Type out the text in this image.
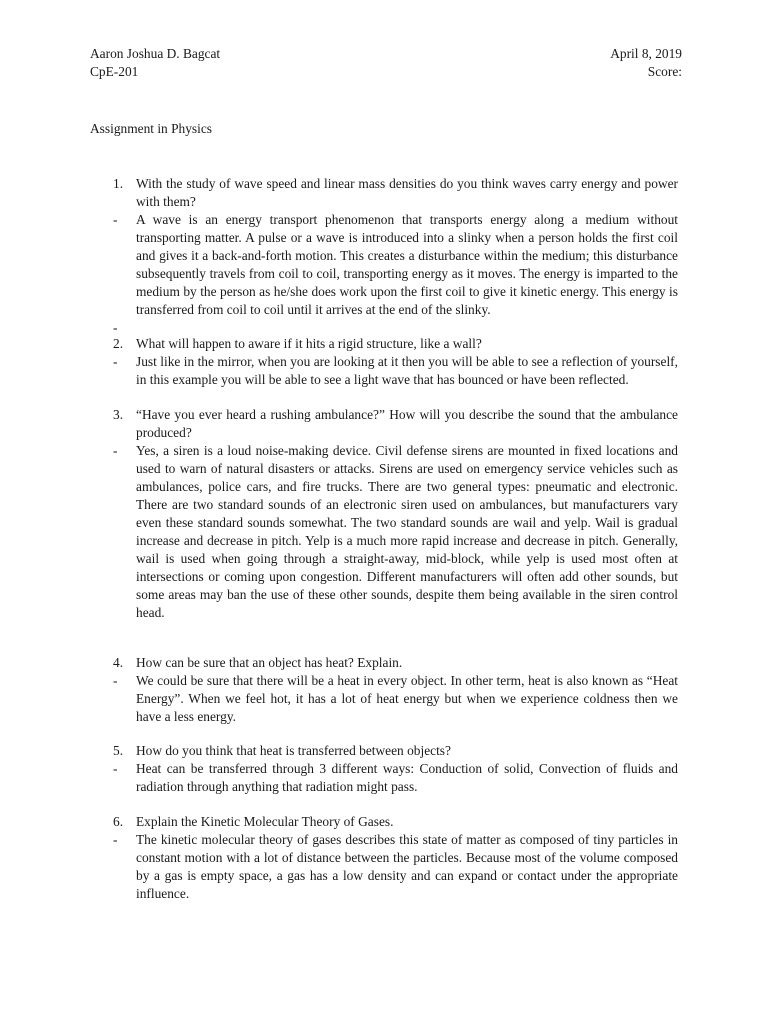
Aaron Joshua D. Bagcat
CpE-201
April 8, 2019
Score:
Assignment in Physics
1. With the study of wave speed and linear mass densities do you think waves carry energy and power with them?
- A wave is an energy transport phenomenon that transports energy along a medium without transporting matter. A pulse or a wave is introduced into a slinky when a person holds the first coil and gives it a back-and-forth motion. This creates a disturbance within the medium; this disturbance subsequently travels from coil to coil, transporting energy as it moves. The energy is imparted to the medium by the person as he/she does work upon the first coil to give it kinetic energy. This energy is transferred from coil to coil until it arrives at the end of the slinky.
-

2. What will happen to aware if it hits a rigid structure, like a wall?
- Just like in the mirror, when you are looking at it then you will be able to see a reflection of yourself, in this example you will be able to see a light wave that has bounced or have been reflected.
3. “Have you ever heard a rushing ambulance?” How will you describe the sound that the ambulance produced?
- Yes, a siren is a loud noise-making device. Civil defense sirens are mounted in fixed locations and used to warn of natural disasters or attacks. Sirens are used on emergency service vehicles such as ambulances, police cars, and fire trucks. There are two general types: pneumatic and electronic. There are two standard sounds of an electronic siren used on ambulances, but manufacturers vary even these standard sounds somewhat. The two standard sounds are wail and yelp. Wail is gradual increase and decrease in pitch. Yelp is a much more rapid increase and decrease in pitch. Generally, wail is used when going through a straight-away, mid-block, while yelp is used most often at intersections or coming upon congestion. Different manufacturers will often add other sounds, but some areas may ban the use of these other sounds, despite them being available in the siren control head.
4. How can be sure that an object has heat? Explain.
- We could be sure that there will be a heat in every object. In other term, heat is also known as “Heat Energy”. When we feel hot, it has a lot of heat energy but when we experience coldness then we have a less energy.
5. How do you think that heat is transferred between objects?
- Heat can be transferred through 3 different ways: Conduction of solid, Convection of fluids and radiation through anything that radiation might pass.
6. Explain the Kinetic Molecular Theory of Gases.
- The kinetic molecular theory of gases describes this state of matter as composed of tiny particles in constant motion with a lot of distance between the particles. Because most of the volume composed by a gas is empty space, a gas has a low density and can expand or contact under the appropriate influence.
